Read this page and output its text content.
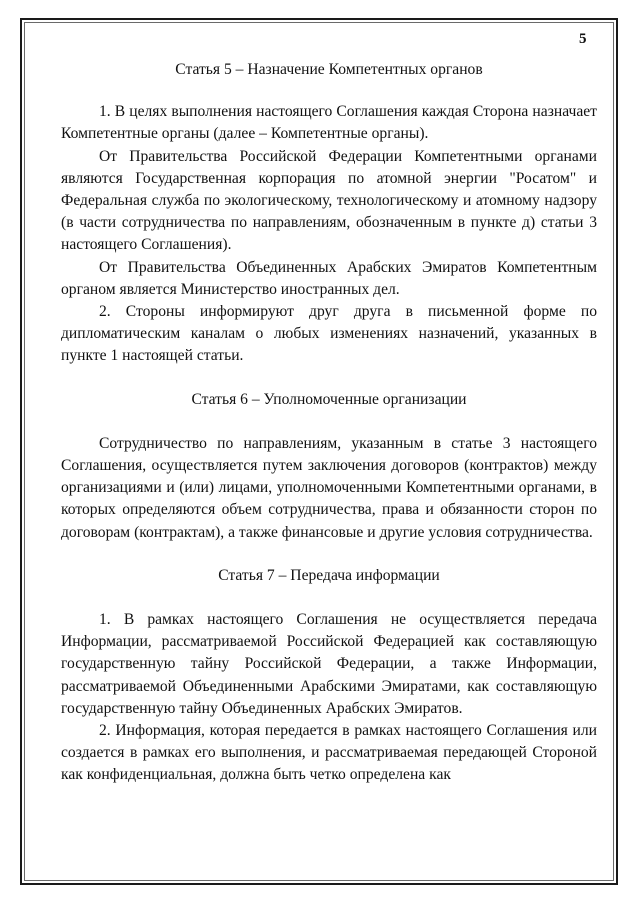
5

Статья 5 – Назначение Компетентных органов

1. В целях выполнения настоящего Соглашения каждая Сторона назначает Компетентные органы (далее – Компетентные органы).

От Правительства Российской Федерации Компетентными органами являются Государственная корпорация по атомной энергии "Росатом" и Федеральная служба по экологическому, технологическому и атомному надзору (в части сотрудничества по направлениям, обозначенным в пункте д) статьи 3 настоящего Соглашения).

От Правительства Объединенных Арабских Эмиратов Компетентным органом является Министерство иностранных дел.

2. Стороны информируют друг друга в письменной форме по дипломатическим каналам о любых изменениях назначений, указанных в пункте 1 настоящей статьи.

Статья 6 – Уполномоченные организации

Сотрудничество по направлениям, указанным в статье 3 настоящего Соглашения, осуществляется путем заключения договоров (контрактов) между организациями и (или) лицами, уполномоченными Компетентными органами, в которых определяются объем сотрудничества, права и обязанности сторон по договорам (контрактам), а также финансовые и другие условия сотрудничества.

Статья 7 – Передача информации

1. В рамках настоящего Соглашения не осуществляется передача Информации, рассматриваемой Российской Федерацией как составляющую государственную тайну Российской Федерации, а также Информации, рассматриваемой Объединенными Арабскими Эмиратами, как составляющую государственную тайну Объединенных Арабских Эмиратов.

2. Информация, которая передается в рамках настоящего Соглашения или создается в рамках его выполнения, и рассматриваемая передающей Стороной как конфиденциальная, должна быть четко определена как
